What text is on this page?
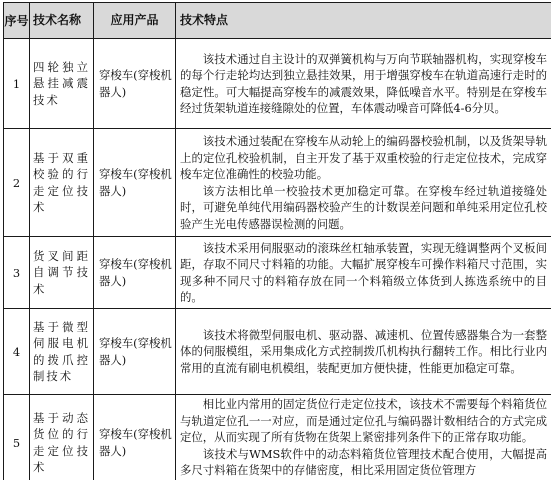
序号	技术名称	应用产品	技术特点
1	四轮独立悬挂减震技术	穿梭车(穿梭机器人)	该技术通过自主设计的双弹簧机构与万向节联轴器机构，实现穿梭车的每个行走轮均达到独立悬挂效果，用于增强穿梭车在轨道高速行走时的稳定性。可大幅提高穿梭车的减震效果，降低噪音水平。特别是在穿梭车经过货架轨道连接缝隙处的位置，车体震动噪音可降低4-6分贝。

2	基于双重校验的行走定位技术	穿梭车(穿梭机器人)	该技术通过装配在穿梭车从动轮上的编码器校验机制，以及货架导轨上的定位孔校验机制，自主开发了基于双重校验的行走定位技术，完成穿梭车定位准确性的校验功能。
该方法相比单一校验技术更加稳定可靠。在穿梭车经过轨道接缝处时，可避免单纯代用编码器校验产生的计数误差问题和单纯采用定位孔校验产生光电传感器误检测的问题。

3	货叉间距自调节技术	穿梭车(穿梭机器人)	该技术采用伺服驱动的滚珠丝杠轴承装置，实现无缝调整两个叉板间距，存取不同尺寸料箱的功能。大幅扩展穿梭车可操作料箱尺寸范围，实现多种不同尺寸的料箱存放在同一个料箱级立体货到人拣选系统中的目的。

4	基于微型伺服电机的拨爪控制技术	穿梭车(穿梭机器人)	该技术将微型伺服电机、驱动器、减速机、位置传感器集合为一套整体的伺服模组，采用集成化方式控制拨爪机构执行翻转工作。相比行业内常用的直流有刷电机模组，装配更加方便快捷，性能更加稳定可靠。

5	基于动态货位的行走定位技术	穿梭车(穿梭机器人)	相比业内常用的固定货位行走定位技术，该技术不需要每个料箱货位与轨道定位孔一一对应，而是通过定位孔与编码器计数相结合的方式完成定位，从而实现了所有货物在货架上紧密排列条件下的正常存取功能。
该技术与WMS软件中的动态料箱货位管理技术配合使用，大幅提高多尺寸料箱在货架中的存储密度，相比采用固定货位管理方
